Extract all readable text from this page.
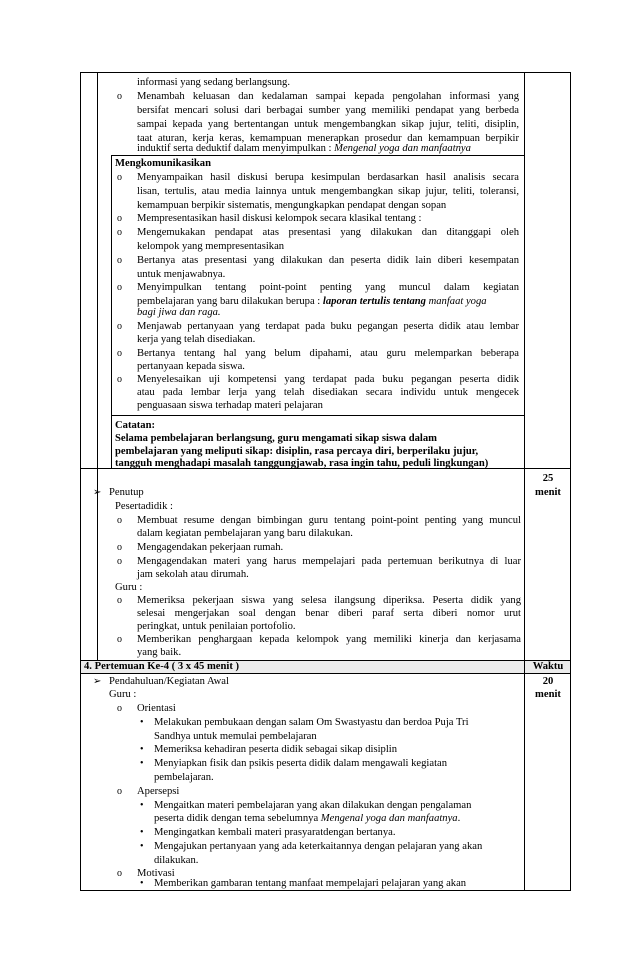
informasi yang sedang berlangsung.
o Menambah keluasan dan kedalaman sampai kepada pengolahan informasi yang
bersifat mencari solusi dari berbagai sumber yang memiliki pendapat yang berbeda
sampai kepada yang bertentangan untuk mengembangkan sikap jujur, teliti, disiplin,
taat aturan, kerja keras, kemampuan menerapkan prosedur dan kemampuan berpikir
induktif serta deduktif dalam menyimpulkan : Mengenal yoga dan manfaatnya
Mengkomunikasikan
o Menyampaikan hasil diskusi berupa kesimpulan berdasarkan hasil analisis secara
lisan, tertulis, atau media lainnya untuk mengembangkan sikap jujur, teliti, toleransi,
kemampuan berpikir sistematis, mengungkapkan pendapat dengan sopan
o Mempresentasikan hasil diskusi kelompok secara klasikal tentang :
o Mengemukakan pendapat atas presentasi yang dilakukan dan ditanggapi oleh
kelompok yang mempresentasikan
o Bertanya atas presentasi yang dilakukan dan peserta didik lain diberi kesempatan
untuk menjawabnya.
o Menyimpulkan tentang point-point penting yang muncul dalam kegiatan
pembelajaran yang baru dilakukan berupa : laporan tertulis tentang manfaat yoga
bagi jiwa dan raga.
o Menjawab pertanyaan yang terdapat pada buku pegangan peserta didik atau lembar
kerja yang telah disediakan.
o Bertanya tentang hal yang belum dipahami, atau guru melemparkan beberapa
pertanyaan kepada siswa.
o Menyelesaikan uji kompetensi yang terdapat pada buku pegangan peserta didik
atau pada lembar lerja yang telah disediakan secara individu untuk mengecek
penguasaan siswa terhadap materi pelajaran
Catatan:
Selama pembelajaran berlangsung, guru mengamati sikap siswa dalam
pembelajaran yang meliputi sikap: disiplin, rasa percaya diri, berperilaku jujur,
tangguh menghadapi masalah tanggungjawab, rasa ingin tahu, peduli lingkungan)
➢ Penutup
25
menit
Pesertadidik :
o Membuat resume dengan bimbingan guru tentang point-point penting yang muncul
dalam kegiatan pembelajaran yang baru dilakukan.
o Mengagendakan pekerjaan rumah.
o Mengagendakan materi yang harus mempelajari pada pertemuan berikutnya di luar
jam sekolah atau dirumah.
Guru :
o Memeriksa pekerjaan siswa yang selesa ilangsung diperiksa. Peserta didik yang
selesai mengerjakan soal dengan benar diberi paraf serta diberi nomor urut
peringkat, untuk penilaian portofolio.
o Memberikan penghargaan kepada kelompok yang memiliki kinerja dan kerjasama
yang baik.
4. Pertemuan Ke-4 ( 3 x 45 menit )	Waktu
➢ Pendahuluan/Kegiatan Awal	20
menit
Guru :
o Orientasi
• Melakukan pembukaan dengan salam Om Swastyastu dan berdoa Puja Tri
Sandhya untuk memulai pembelajaran
• Memeriksa kehadiran peserta didik sebagai sikap disiplin
• Menyiapkan fisik dan psikis peserta didik dalam mengawali kegiatan
pembelajaran.
o Apersepsi
• Mengaitkan materi pembelajaran yang akan dilakukan dengan pengalaman
peserta didik dengan tema sebelumnya Mengenal yoga dan manfaatnya.
• Mengingatkan kembali materi prasyaratdengan bertanya.
• Mengajukan pertanyaan yang ada keterkaitannya dengan pelajaran yang akan
dilakukan.
o Motivasi
• Memberikan gambaran tentang manfaat mempelajari pelajaran yang akan
